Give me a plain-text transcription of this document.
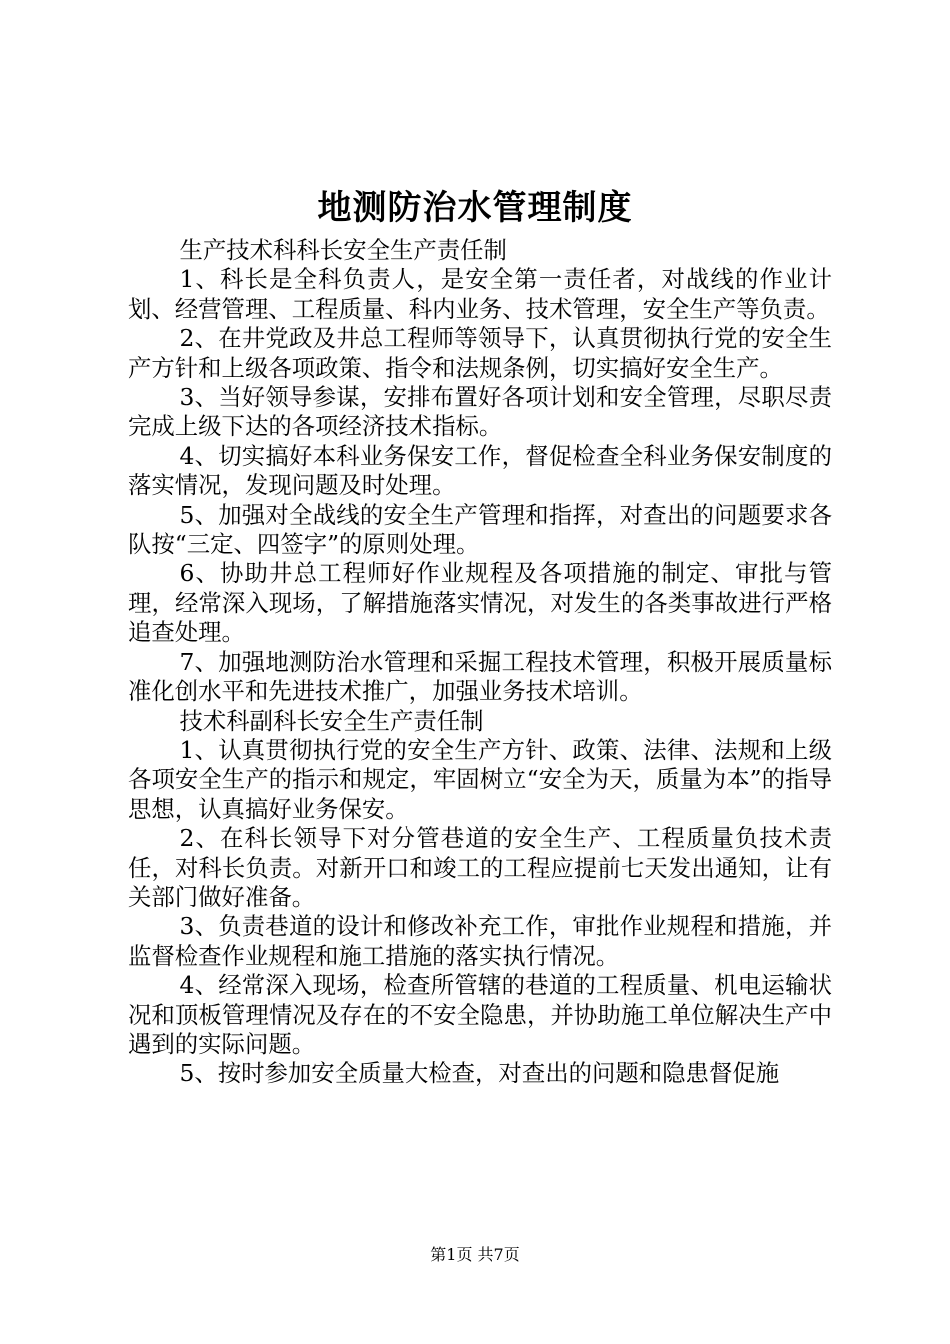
地测防治水管理制度

生产技术科科长安全生产责任制

1、科长是全科负责人，是安全第一责任者，对战线的作业计划、经营管理、工程质量、科内业务、技术管理，安全生产等负责。

2、在井党政及井总工程师等领导下，认真贯彻执行党的安全生产方针和上级各项政策、指令和法规条例，切实搞好安全生产。

3、当好领导参谋，安排布置好各项计划和安全管理，尽职尽责完成上级下达的各项经济技术指标。

4、切实搞好本科业务保安工作，督促检查全科业务保安制度的落实情况，发现问题及时处理。

5、加强对全战线的安全生产管理和指挥，对查出的问题要求各队按“三定、四签字”的原则处理。

6、协助井总工程师好作业规程及各项措施的制定、审批与管理，经常深入现场，了解措施落实情况，对发生的各类事故进行严格追查处理。

7、加强地测防治水管理和采掘工程技术管理，积极开展质量标准化创水平和先进技术推广，加强业务技术培训。

技术科副科长安全生产责任制

1、认真贯彻执行党的安全生产方针、政策、法律、法规和上级各项安全生产的指示和规定，牢固树立“安全为天，质量为本”的指导思想，认真搞好业务保安。

2、在科长领导下对分管巷道的安全生产、工程质量负技术责任，对科长负责。对新开口和竣工的工程应提前七天发出通知，让有关部门做好准备。

3、负责巷道的设计和修改补充工作，审批作业规程和措施，并监督检查作业规程和施工措施的落实执行情况。

4、经常深入现场，检查所管辖的巷道的工程质量、机电运输状况和顶板管理情况及存在的不安全隐患，并协助施工单位解决生产中遇到的实际问题。

5、按时参加安全质量大检查，对查出的问题和隐患督促施

第1页 共7页
